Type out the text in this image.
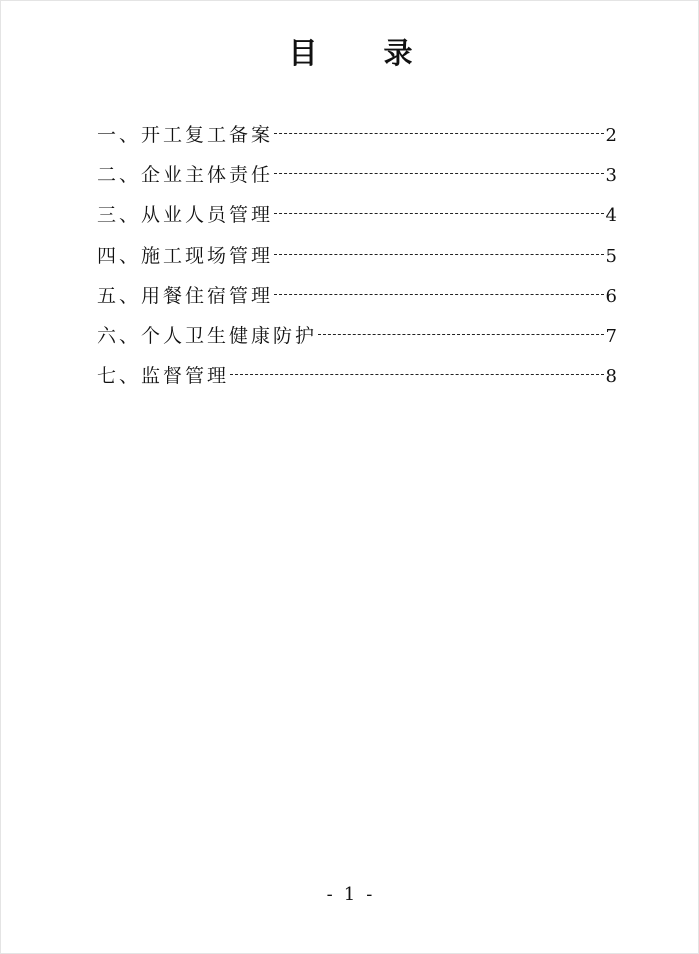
目 录
一、开工复工备案	2
二、企业主体责任	3
三、从业人员管理	4
四、施工现场管理	5
五、用餐住宿管理	6
六、个人卫生健康防护	7
七、监督管理	8
- 1 -
